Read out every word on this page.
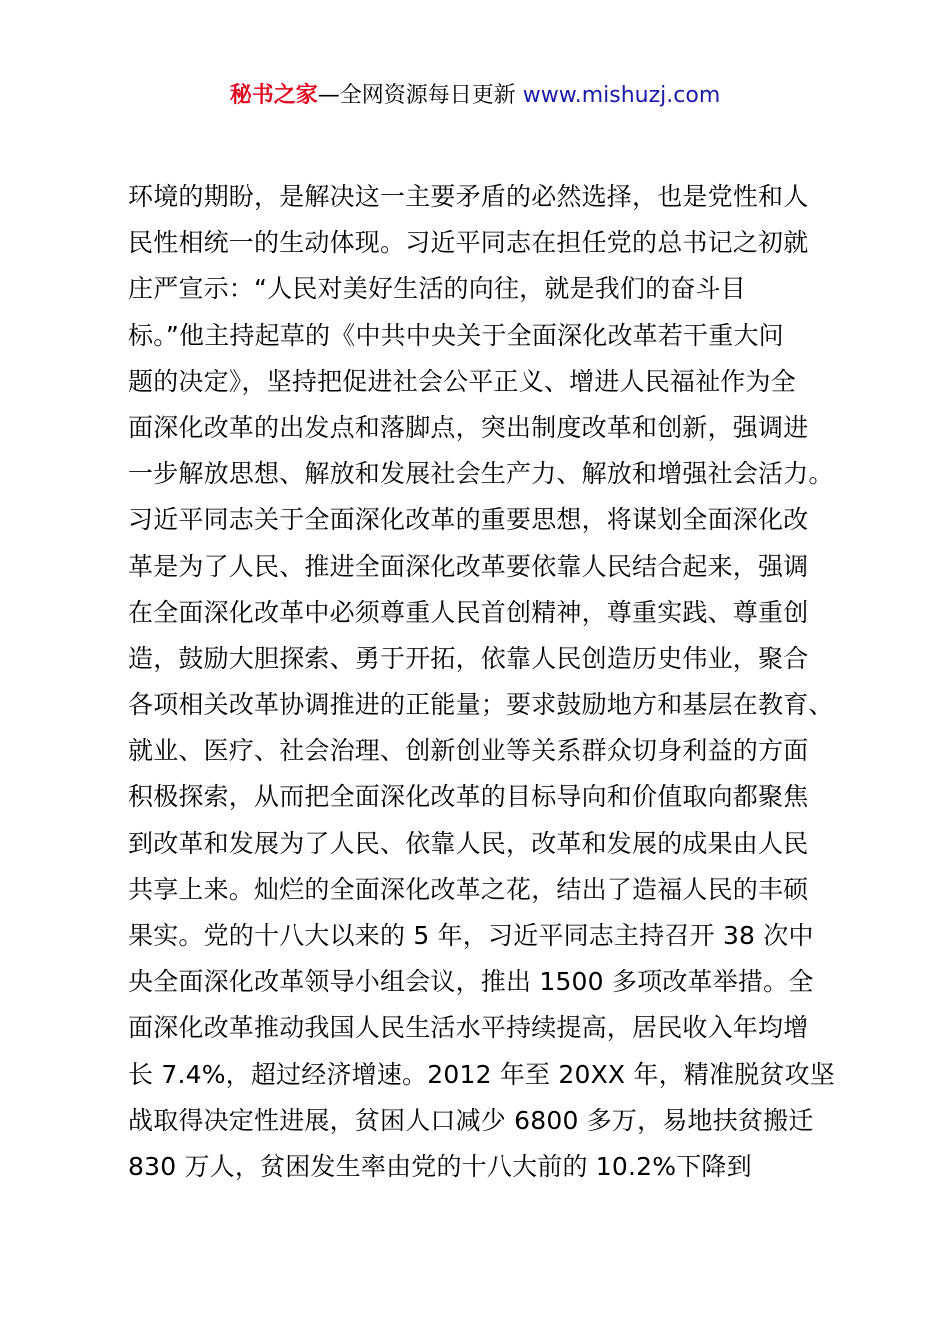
秘书之家—全网资源每日更新 www.mishuzj.com
环境的期盼，是解决这一主要矛盾的必然选择，也是党性和人
民性相统一的生动体现。习近平同志在担任党的总书记之初就
庄严宣示：“人民对美好生活的向往，就是我们的奋斗目
标。”他主持起草的《中共中央关于全面深化改革若干重大问
题的决定》，坚持把促进社会公平正义、增进人民福祉作为全
面深化改革的出发点和落脚点，突出制度改革和创新，强调进
一步解放思想、解放和发展社会生产力、解放和增强社会活力。
习近平同志关于全面深化改革的重要思想，将谋划全面深化改
革是为了人民、推进全面深化改革要依靠人民结合起来，强调
在全面深化改革中必须尊重人民首创精神，尊重实践、尊重创
造，鼓励大胆探索、勇于开拓，依靠人民创造历史伟业，聚合
各项相关改革协调推进的正能量；要求鼓励地方和基层在教育、
就业、医疗、社会治理、创新创业等关系群众切身利益的方面
积极探索，从而把全面深化改革的目标导向和价值取向都聚焦
到改革和发展为了人民、依靠人民，改革和发展的成果由人民
共享上来。灿烂的全面深化改革之花，结出了造福人民的丰硕
果实。党的十八大以来的 5 年，习近平同志主持召开 38 次中
央全面深化改革领导小组会议，推出 1500 多项改革举措。全
面深化改革推动我国人民生活水平持续提高，居民收入年均增
长 7.4%，超过经济增速。2012 年至 20XX 年，精准脱贫攻坚
战取得决定性进展，贫困人口减少 6800 多万，易地扶贫搬迁
830 万人，贫困发生率由党的十八大前的 10.2%下降到
